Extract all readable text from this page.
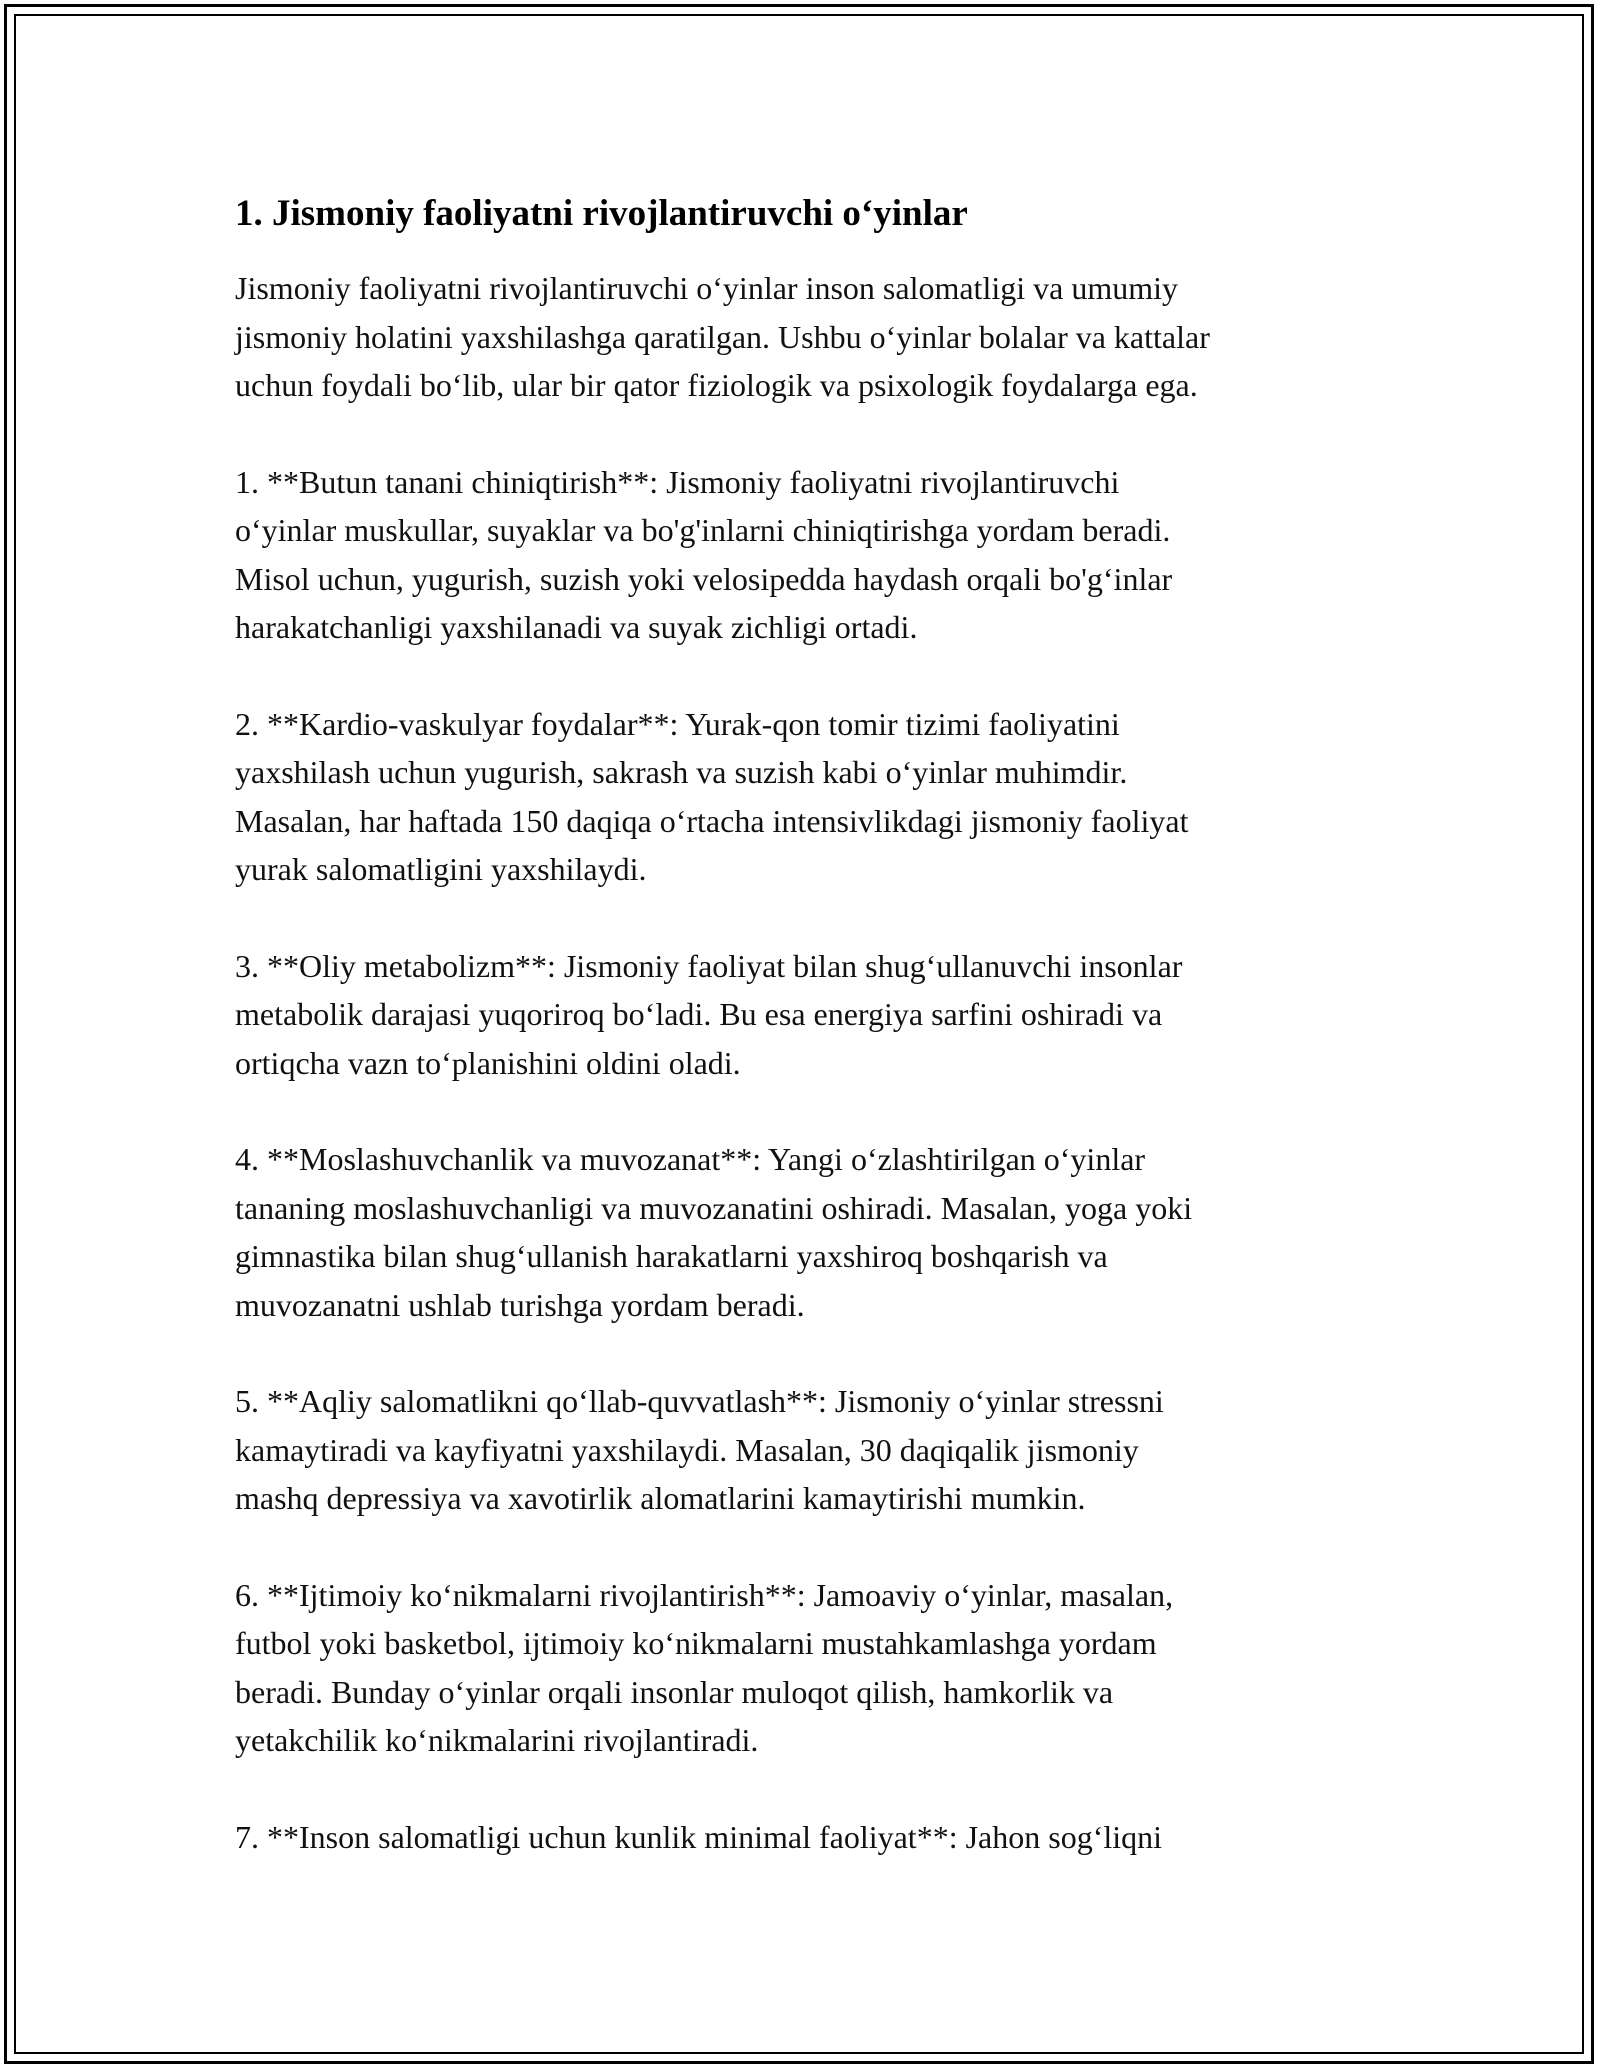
1. Jismoniy faoliyatni rivojlantiruvchi o‘yinlar

Jismoniy faoliyatni rivojlantiruvchi o‘yinlar inson salomatligi va umumiy
jismoniy holatini yaxshilashga qaratilgan. Ushbu o‘yinlar bolalar va kattalar
uchun foydali bo‘lib, ular bir qator fiziologik va psixologik foydalarga ega.

1. **Butun tanani chiniqtirish**: Jismoniy faoliyatni rivojlantiruvchi
o‘yinlar muskullar, suyaklar va bo'g'inlarni chiniqtirishga yordam beradi.
Misol uchun, yugurish, suzish yoki velosipedda haydash orqali bo'g‘inlar
harakatchanligi yaxshilanadi va suyak zichligi ortadi.

2. **Kardio-vaskulyar foydalar**: Yurak-qon tomir tizimi faoliyatini
yaxshilash uchun yugurish, sakrash va suzish kabi o‘yinlar muhimdir.
Masalan, har haftada 150 daqiqa o‘rtacha intensivlikdagi jismoniy faoliyat
yurak salomatligini yaxshilaydi.

3. **Oliy metabolizm**: Jismoniy faoliyat bilan shug‘ullanuvchi insonlar
metabolik darajasi yuqoriroq bo‘ladi. Bu esa energiya sarfini oshiradi va
ortiqcha vazn to‘planishini oldini oladi.

4. **Moslashuvchanlik va muvozanat**: Yangi o‘zlashtirilgan o‘yinlar
tananing moslashuvchanligi va muvozanatini oshiradi. Masalan, yoga yoki
gimnastika bilan shug‘ullanish harakatlarni yaxshiroq boshqarish va
muvozanatni ushlab turishga yordam beradi.

5. **Aqliy salomatlikni qo‘llab-quvvatlash**: Jismoniy o‘yinlar stressni
kamaytiradi va kayfiyatni yaxshilaydi. Masalan, 30 daqiqalik jismoniy
mashq depressiya va xavotirlik alomatlarini kamaytirishi mumkin.

6. **Ijtimoiy ko‘nikmalarni rivojlantirish**: Jamoaviy o‘yinlar, masalan,
futbol yoki basketbol, ijtimoiy ko‘nikmalarni mustahkamlashga yordam
beradi. Bunday o‘yinlar orqali insonlar muloqot qilish, hamkorlik va
yetakchilik ko‘nikmalarini rivojlantiradi.

7. **Inson salomatligi uchun kunlik minimal faoliyat**: Jahon sog‘liqni
